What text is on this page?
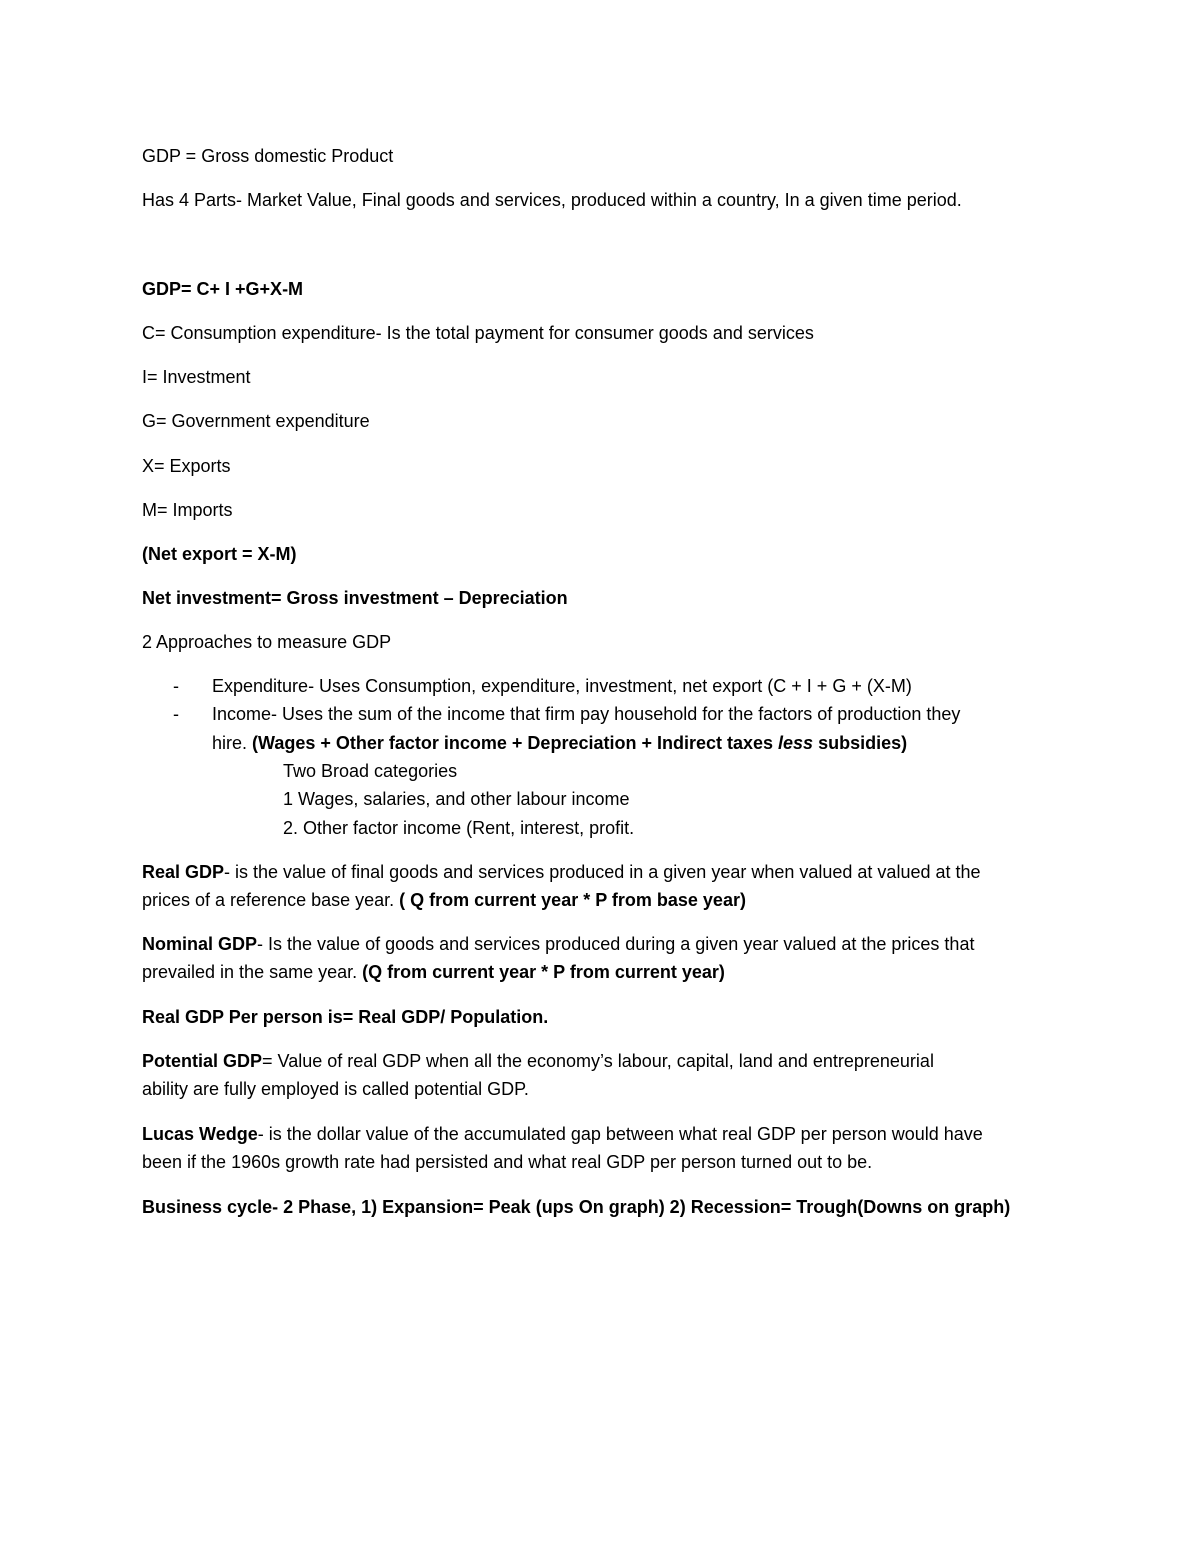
GDP = Gross domestic Product
Has 4 Parts- Market Value, Final goods and services, produced within a country, In a given time period.
GDP= C+ I +G+X-M
C= Consumption expenditure- Is the total payment for consumer goods and services
I= Investment
G= Government expenditure
X= Exports
M= Imports
(Net export = X-M)
Net investment= Gross investment – Depreciation
2 Approaches to measure GDP
- Expenditure- Uses Consumption, expenditure, investment, net export (C + I + G + (X-M)
- Income- Uses the sum of the income that firm pay household for the factors of production they
hire. (Wages + Other factor income + Depreciation + Indirect taxes less subsidies)
Two Broad categories
1 Wages, salaries, and other labour income
2. Other factor income (Rent, interest, profit.
Real GDP- is the value of final goods and services produced in a given year when valued at valued at the
prices of a reference base year. ( Q from current year * P from base year)
Nominal GDP- Is the value of goods and services produced during a given year valued at the prices that
prevailed in the same year. (Q from current year * P from current year)
Real GDP Per person is= Real GDP/ Population.
Potential GDP= Value of real GDP when all the economy’s labour, capital, land and entrepreneurial
ability are fully employed is called potential GDP.
Lucas Wedge- is the dollar value of the accumulated gap between what real GDP per person would have
been if the 1960s growth rate had persisted and what real GDP per person turned out to be.
Business cycle- 2 Phase, 1) Expansion= Peak (ups On graph) 2) Recession= Trough(Downs on graph)
